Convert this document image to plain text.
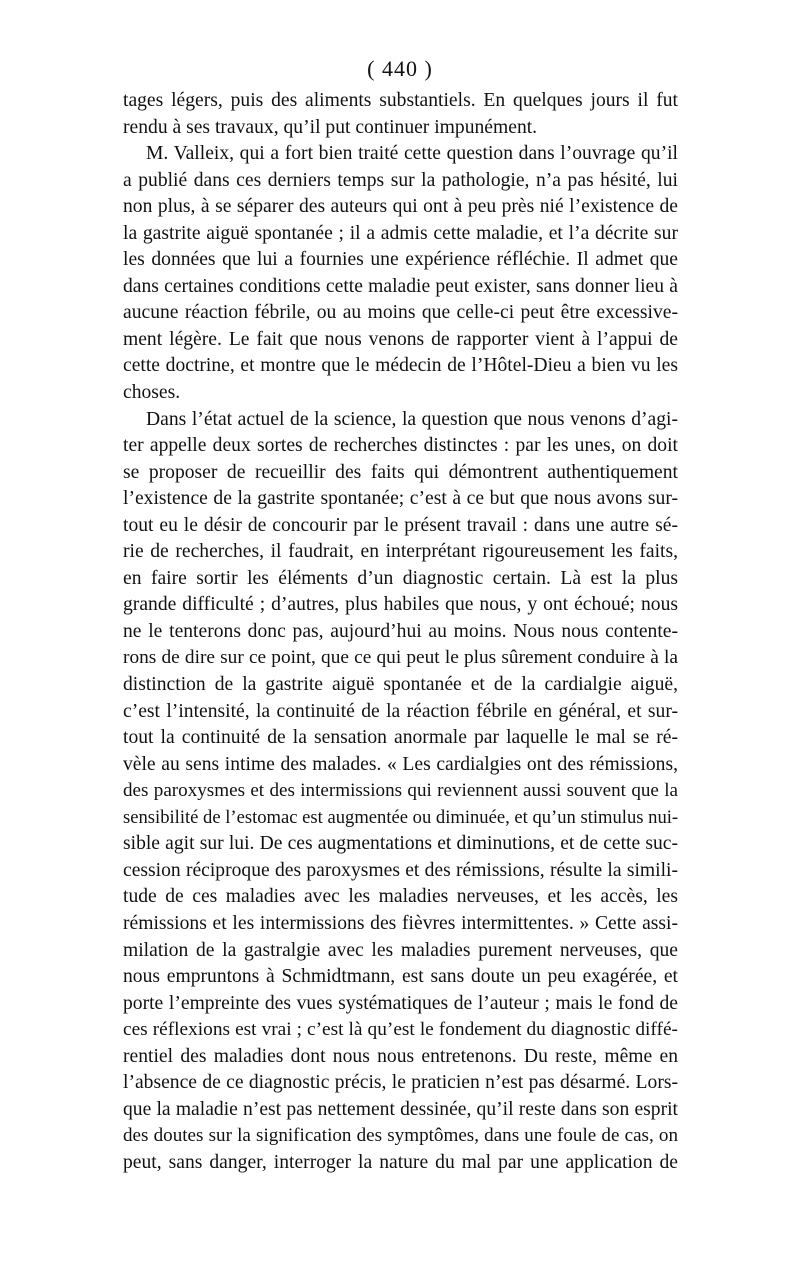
( 440 )
tages légers, puis des aliments substantiels. En quelques jours il fut
rendu à ses travaux, qu’il put continuer impunément.
M. Valleix, qui a fort bien traité cette question dans l’ouvrage qu’il
a publié dans ces derniers temps sur la pathologie, n’a pas hésité, lui
non plus, à se séparer des auteurs qui ont à peu près nié l’existence de
la gastrite aiguë spontanée ; il a admis cette maladie, et l’a décrite sur
les données que lui a fournies une expérience réfléchie. Il admet que
dans certaines conditions cette maladie peut exister, sans donner lieu à
aucune réaction fébrile, ou au moins que celle-ci peut être excessive-
ment légère. Le fait que nous venons de rapporter vient à l’appui de
cette doctrine, et montre que le médecin de l’Hôtel-Dieu a bien vu les
choses.
Dans l’état actuel de la science, la question que nous venons d’agi-
ter appelle deux sortes de recherches distinctes : par les unes, on doit
se proposer de recueillir des faits qui démontrent authentiquement
l’existence de la gastrite spontanée; c’est à ce but que nous avons sur-
tout eu le désir de concourir par le présent travail : dans une autre sé-
rie de recherches, il faudrait, en interprétant rigoureusement les faits,
en faire sortir les éléments d’un diagnostic certain. Là est la plus
grande difficulté ; d’autres, plus habiles que nous, y ont échoué; nous
ne le tenterons donc pas, aujourd’hui au moins. Nous nous contente-
rons de dire sur ce point, que ce qui peut le plus sûrement conduire à la
distinction de la gastrite aiguë spontanée et de la cardialgie aiguë,
c’est l’intensité, la continuité de la réaction fébrile en général, et sur-
tout la continuité de la sensation anormale par laquelle le mal se ré-
vèle au sens intime des malades. « Les cardialgies ont des rémissions,
des paroxysmes et des intermissions qui reviennent aussi souvent que la
sensibilité de l’estomac est augmentée ou diminuée, et qu’un stimulus nui-
sible agit sur lui. De ces augmentations et diminutions, et de cette suc-
cession réciproque des paroxysmes et des rémissions, résulte la simili-
tude de ces maladies avec les maladies nerveuses, et les accès, les
rémissions et les intermissions des fièvres intermittentes. » Cette assi-
milation de la gastralgie avec les maladies purement nerveuses, que
nous empruntons à Schmidtmann, est sans doute un peu exagérée, et
porte l’empreinte des vues systématiques de l’auteur ; mais le fond de
ces réflexions est vrai ; c’est là qu’est le fondement du diagnostic diffé-
rentiel des maladies dont nous nous entretenons. Du reste, même en
l’absence de ce diagnostic précis, le praticien n’est pas désarmé. Lors-
que la maladie n’est pas nettement dessinée, qu’il reste dans son esprit
des doutes sur la signification des symptômes, dans une foule de cas, on
peut, sans danger, interroger la nature du mal par une application de
